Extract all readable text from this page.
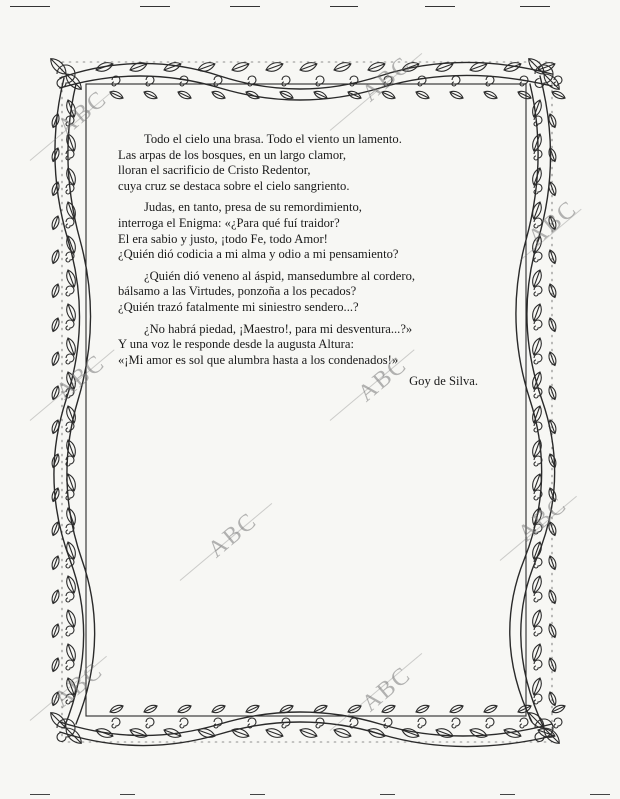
Todo el cielo una brasa. Todo el viento un lamento.
Las arpas de los bosques, en un largo clamor,
lloran el sacrificio de Cristo Redentor,
cuya cruz se destaca sobre el cielo sangriento.
Judas, en tanto, presa de su remordimiento,
interroga el Enigma: «¿Para qué fuí traidor?
El era sabio y justo, ¡todo Fe, todo Amor!
¿Quién dió codicia a mi alma y odio a mi pensamiento?
¿Quién dió veneno al áspid, mansedumbre al cordero,
bálsamo a las Virtudes, ponzoña a los pecados?
¿Quién trazó fatalmente mi siniestro sendero...?
¿No habrá piedad, ¡Maestro!, para mi desventura...?»
Y una voz le responde desde la augusta Altura:
«¡Mi amor es sol que alumbra hasta a los condenados!»
Goy de Silva.
ABC
ABC
ABC
ABC	ABC
ABC	ABC
ABC	ABC
